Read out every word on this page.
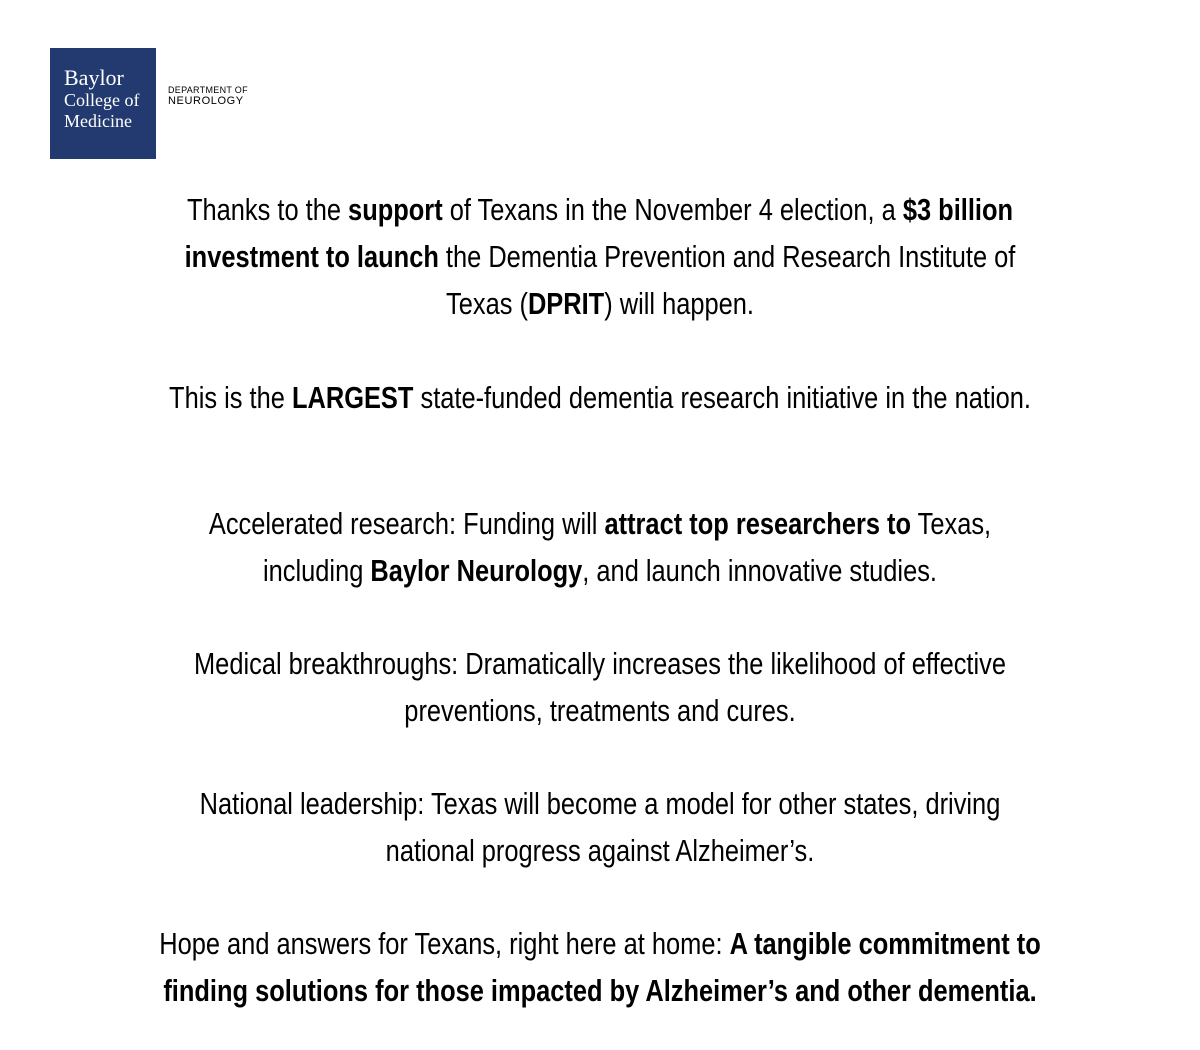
Baylor
College of
Medicine
DEPARTMENT OF
NEUROLOGY

Thanks to the support of Texans in the November 4 election, a $3 billion investment to launch the Dementia Prevention and Research Institute of Texas (DPRIT) will happen.

This is the LARGEST state-funded dementia research initiative in the nation.

Accelerated research: Funding will attract top researchers to Texas, including Baylor Neurology, and launch innovative studies.

Medical breakthroughs: Dramatically increases the likelihood of effective preventions, treatments and cures.

National leadership: Texas will become a model for other states, driving national progress against Alzheimer’s.

Hope and answers for Texans, right here at home: A tangible commitment to finding solutions for those impacted by Alzheimer’s and other dementia.
